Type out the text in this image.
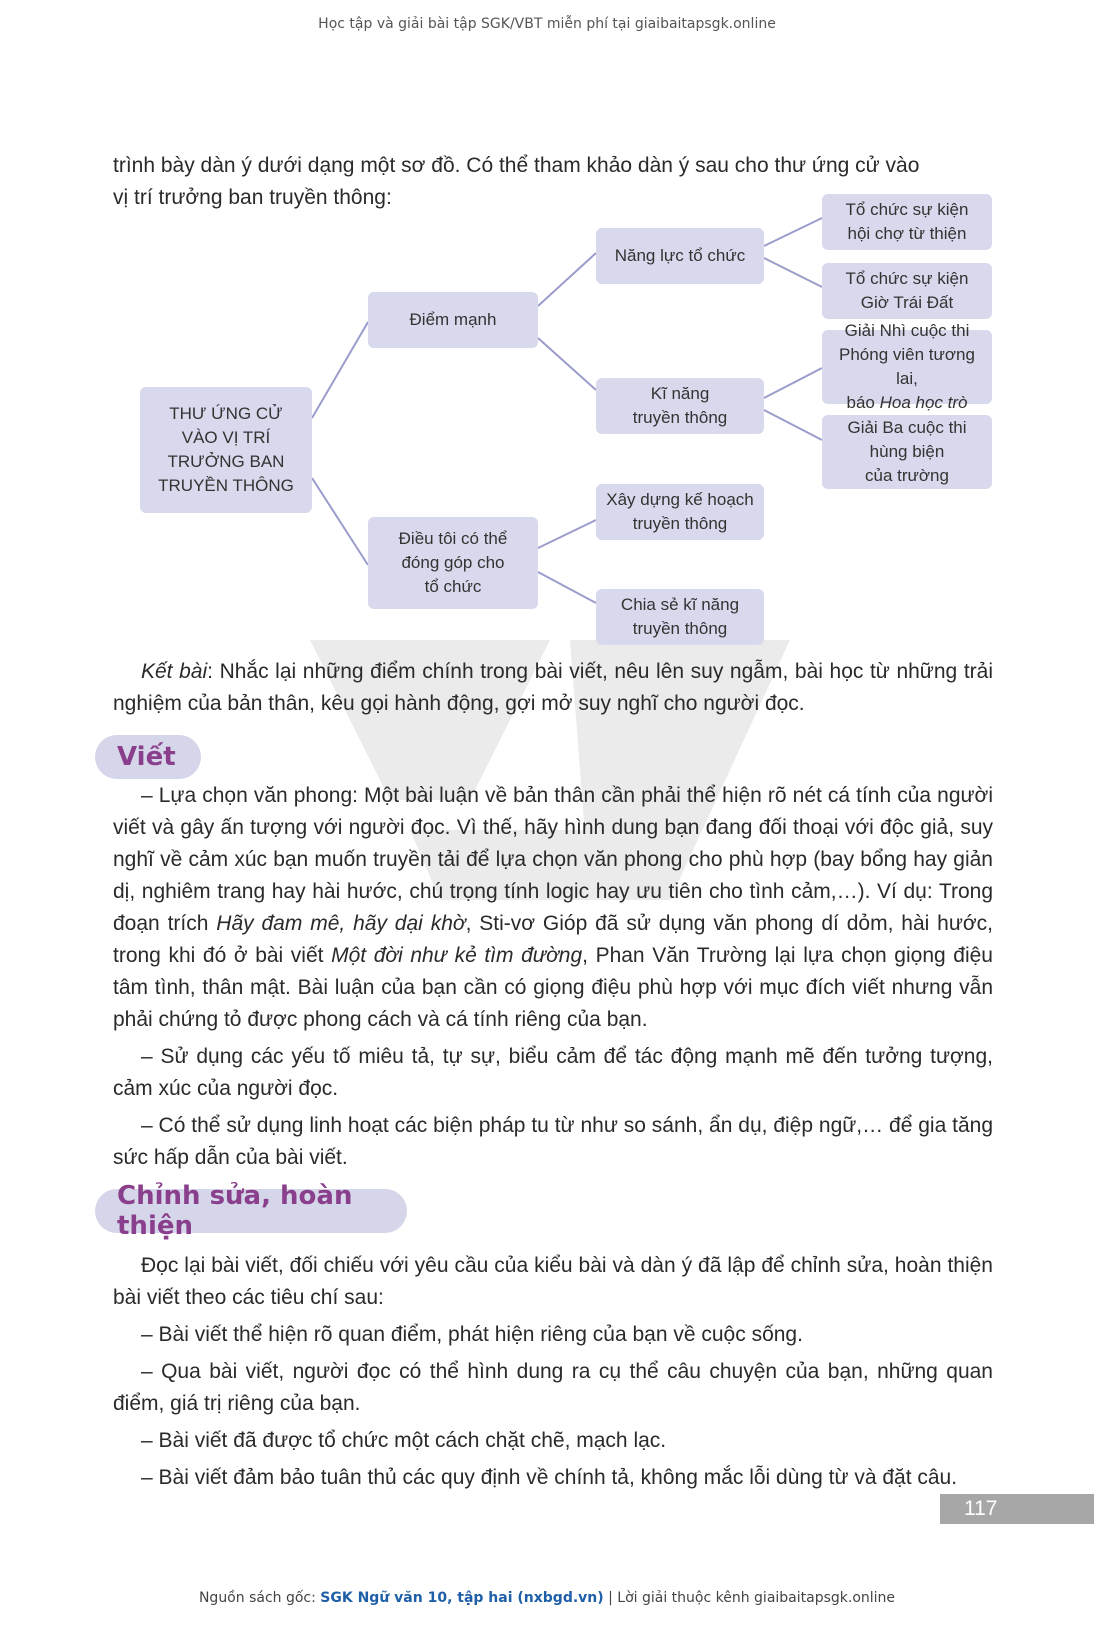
Học tập và giải bài tập SGK/VBT miễn phí tại giaibaitapsgk.online

trình bày dàn ý dưới dạng một sơ đồ. Có thể tham khảo dàn ý sau cho thư ứng cử vào

vị trí trưởng ban truyền thông:

THƯ ỨNG CỬ
VÀO VỊ TRÍ
TRƯỞNG BAN
TRUYỀN THÔNG
Điểm mạnh
Điều tôi có thể
đóng góp cho
tổ chức
Năng lực tổ chức
Kĩ năng
truyền thông
Xây dựng kế hoạch
truyền thông
Chia sẻ kĩ năng
truyền thông
Tổ chức sự kiện
hội chợ từ thiện
Tổ chức sự kiện
Giờ Trái Đất
Giải Nhì cuộc thi
Phóng viên tương lai,
báo Hoa học trò
Giải Ba cuộc thi
hùng biện
của trường

Kết bài: Nhắc lại những điểm chính trong bài viết, nêu lên suy ngẫm, bài học từ những trải nghiệm của bản thân, kêu gọi hành động, gợi mở suy nghĩ cho người đọc.

Viết

– Lựa chọn văn phong: Một bài luận về bản thân cần phải thể hiện rõ nét cá tính của người viết và gây ấn tượng với người đọc. Vì thế, hãy hình dung bạn đang đối thoại với độc giả, suy nghĩ về cảm xúc bạn muốn truyền tải để lựa chọn văn phong cho phù hợp (bay bổng hay giản dị, nghiêm trang hay hài hước, chú trọng tính logic hay ưu tiên cho tình cảm,…). Ví dụ: Trong đoạn trích Hãy đam mê, hãy dại khờ, Sti-vơ Gióp đã sử dụng văn phong dí dỏm, hài hước, trong khi đó ở bài viết Một đời như kẻ tìm đường, Phan Văn Trường lại lựa chọn giọng điệu tâm tình, thân mật. Bài luận của bạn cần có giọng điệu phù hợp với mục đích viết nhưng vẫn phải chứng tỏ được phong cách và cá tính riêng của bạn.

– Sử dụng các yếu tố miêu tả, tự sự, biểu cảm để tác động mạnh mẽ đến tưởng tượng, cảm xúc của người đọc.

– Có thể sử dụng linh hoạt các biện pháp tu từ như so sánh, ẩn dụ, điệp ngữ,… để gia tăng sức hấp dẫn của bài viết.

Chỉnh sửa, hoàn thiện

Đọc lại bài viết, đối chiếu với yêu cầu của kiểu bài và dàn ý đã lập để chỉnh sửa, hoàn thiện bài viết theo các tiêu chí sau:

– Bài viết thể hiện rõ quan điểm, phát hiện riêng của bạn về cuộc sống.

– Qua bài viết, người đọc có thể hình dung ra cụ thể câu chuyện của bạn, những quan điểm, giá trị riêng của bạn.

– Bài viết đã được tổ chức một cách chặt chẽ, mạch lạc.

– Bài viết đảm bảo tuân thủ các quy định về chính tả, không mắc lỗi dùng từ và đặt câu.

117
Nguồn sách gốc: SGK Ngữ văn 10, tập hai (nxbgd.vn) | Lời giải thuộc kênh giaibaitapsgk.online
